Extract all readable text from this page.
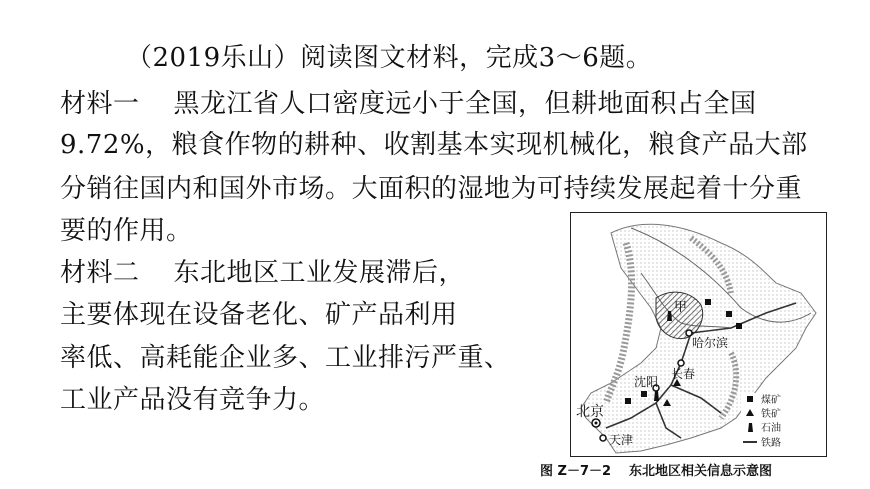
（2019乐山）阅读图文材料，完成3～6题。
材料一 黑龙江省人口密度远小于全国，但耕地面积占全国
9.72%，粮食作物的耕种、收割基本实现机械化，粮食产品大部
分销往国内和国外市场。大面积的湿地为可持续发展起着十分重
要的作用。
材料二 东北地区工业发展滞后，
主要体现在设备老化、矿产品利用
率低、高耗能企业多、工业排污严重、
工业产品没有竞争力。
甲
哈尔滨
长春
沈阳
北京
天津
煤矿
铁矿
石油
铁路
图 Z－7－2 东北地区相关信息示意图
